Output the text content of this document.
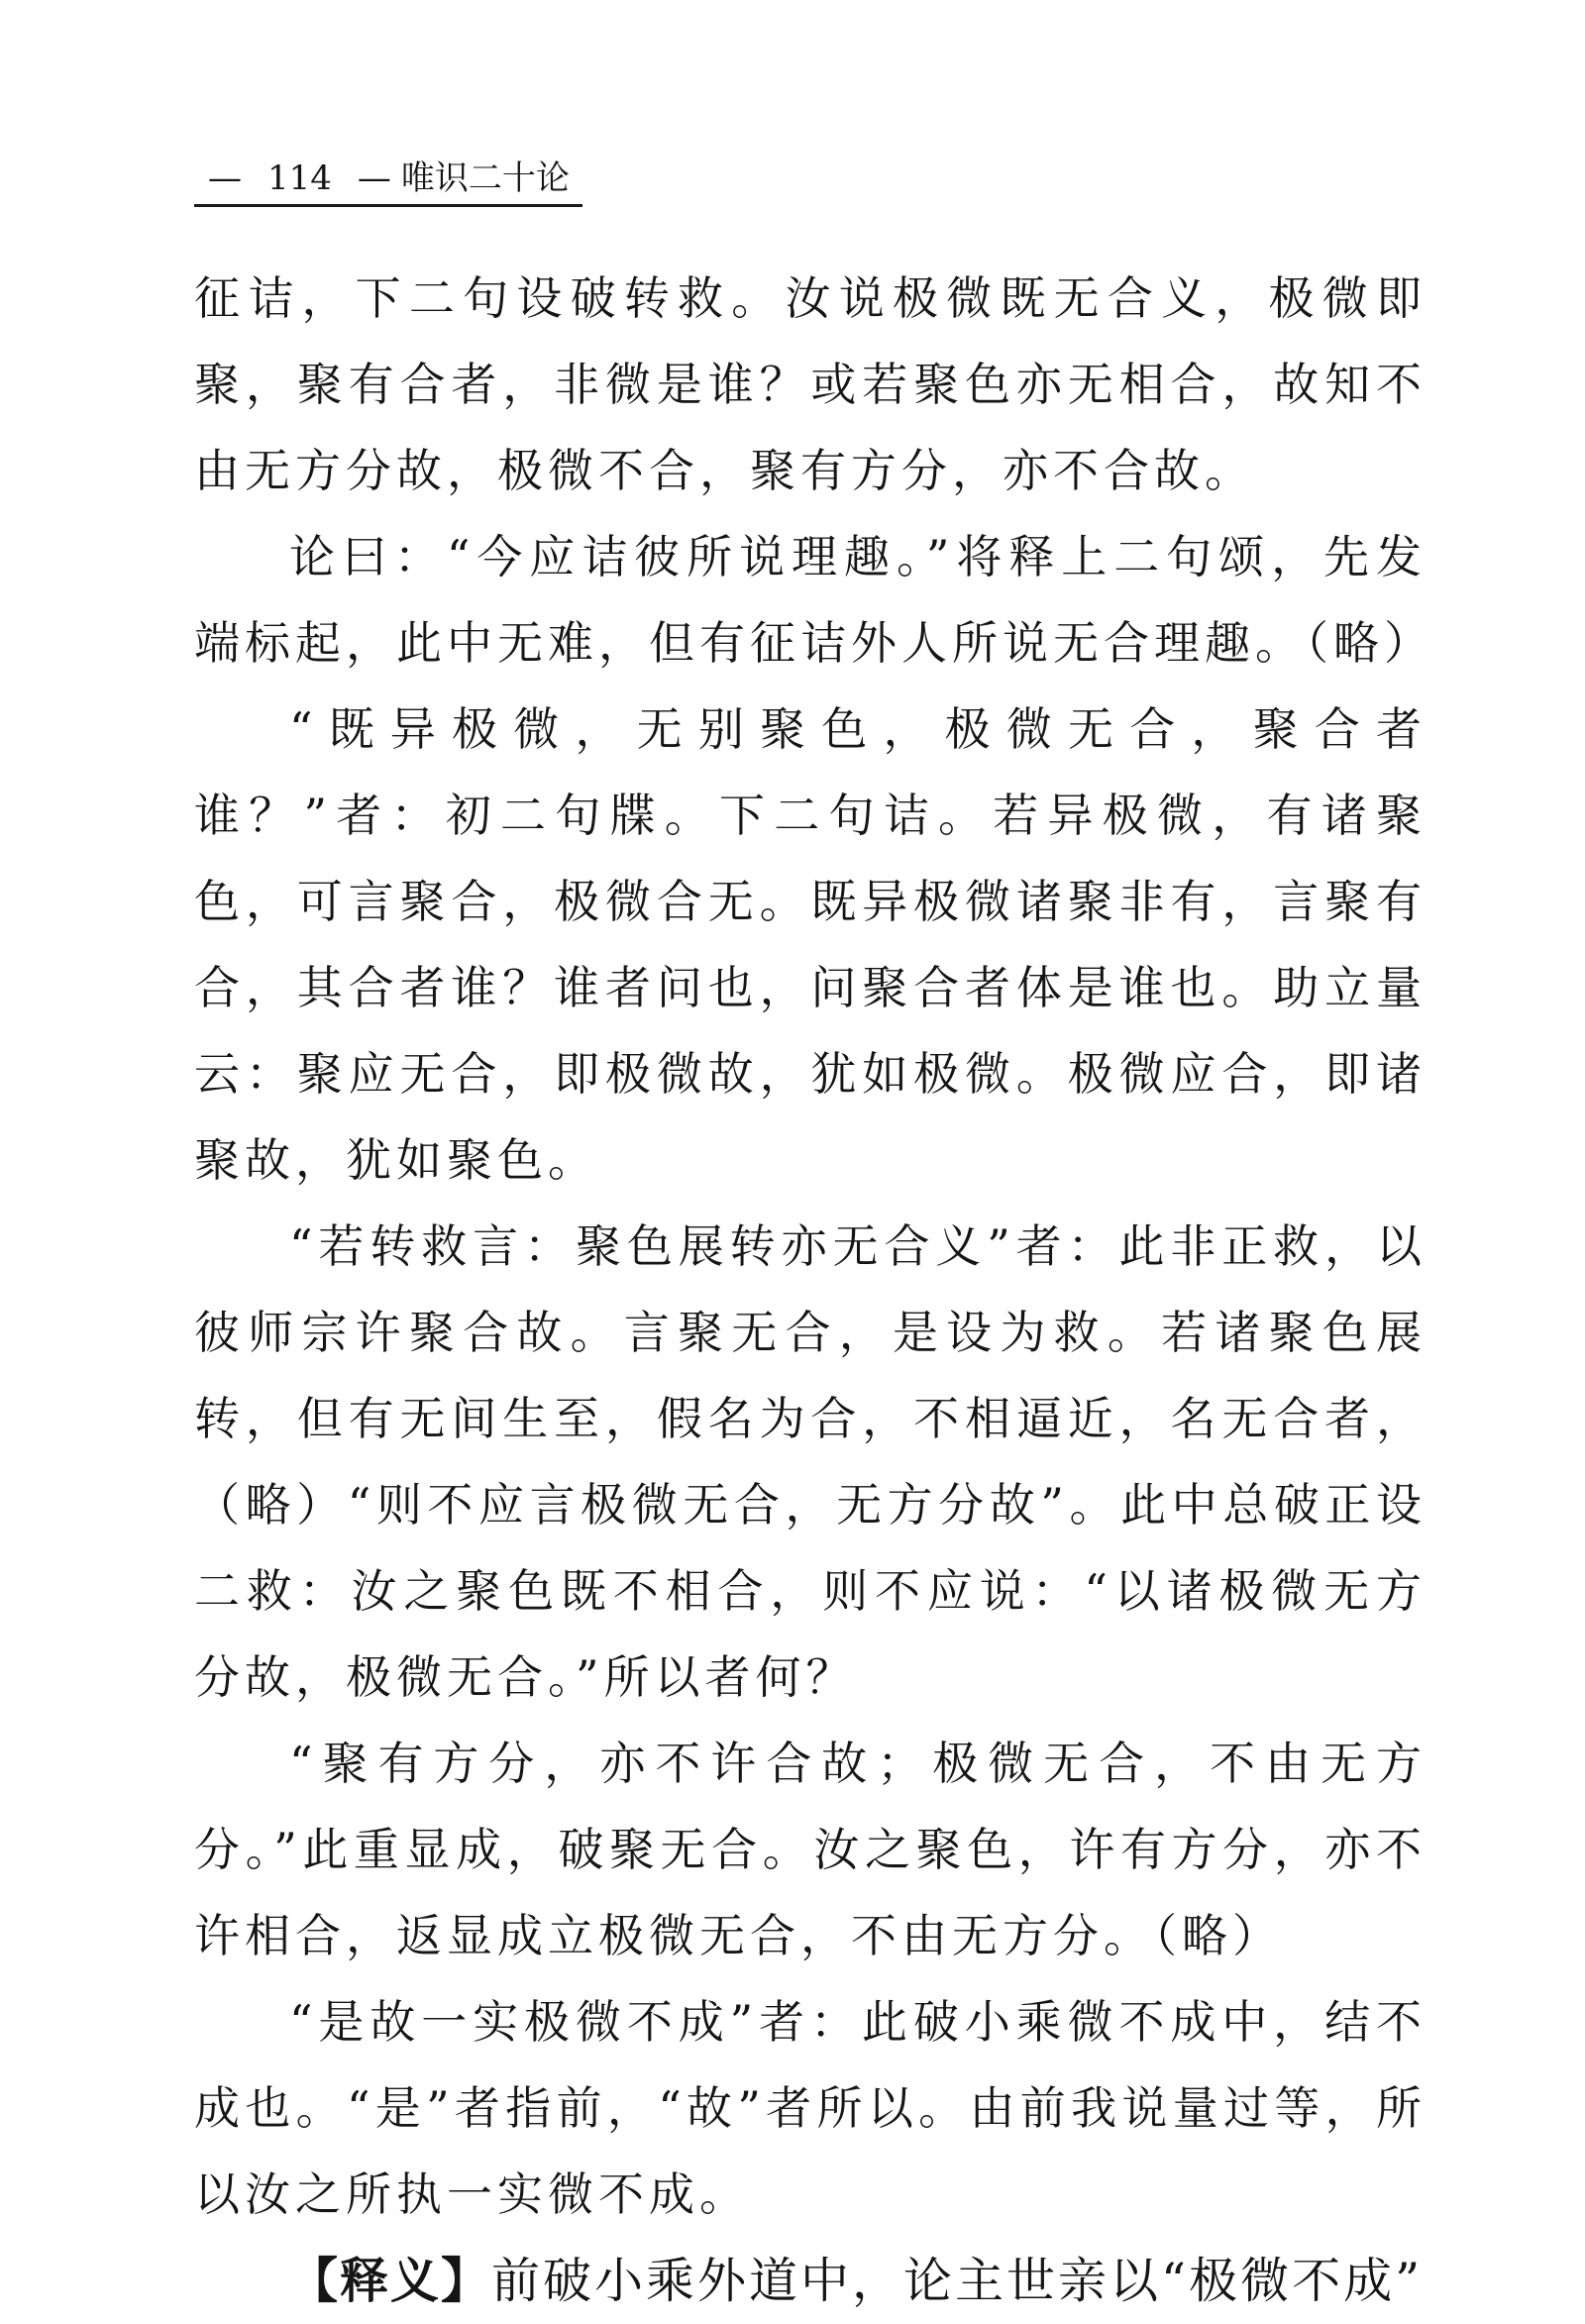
— 114 — 唯识二十论

征诘，下二句设破转救。汝说极微既无合义，极微即聚，聚有合者，非微是谁？或若聚色亦无相合，故知不由无方分故，极微不合，聚有方分，亦不合故。

论曰：“今应诘彼所说理趣。”将释上二句颂，先发端标起，此中无难，但有征诘外人所说无合理趣。（略）

“既异极微，无别聚色，极微无合，聚合者谁？”者：初二句牒。下二句诘。若异极微，有诸聚色，可言聚合，极微合无。既异极微诸聚非有，言聚有合，其合者谁？谁者问也，问聚合者体是谁也。助立量云：聚应无合，即极微故，犹如极微。极微应合，即诸聚故，犹如聚色。

“若转救言：聚色展转亦无合义”者：此非正救，以彼师宗许聚合故。言聚无合，是设为救。若诸聚色展转，但有无间生至，假名为合，不相逼近，名无合者，（略）“则不应言极微无合，无方分故”。此中总破正设二救：汝之聚色既不相合，则不应说：“以诸极微无方分故，极微无合。”所以者何？

“聚有方分，亦不许合故；极微无合，不由无方分。”此重显成，破聚无合。汝之聚色，许有方分，亦不许相合，返显成立极微无合，不由无方分。（略）

“是故一实极微不成”者：此破小乘微不成中，结不成也。“是”者指前，“故”者所以。由前我说量过等，所以汝之所执一实微不成。

【释义】前破小乘外道中，论主世亲以“极微不成”
